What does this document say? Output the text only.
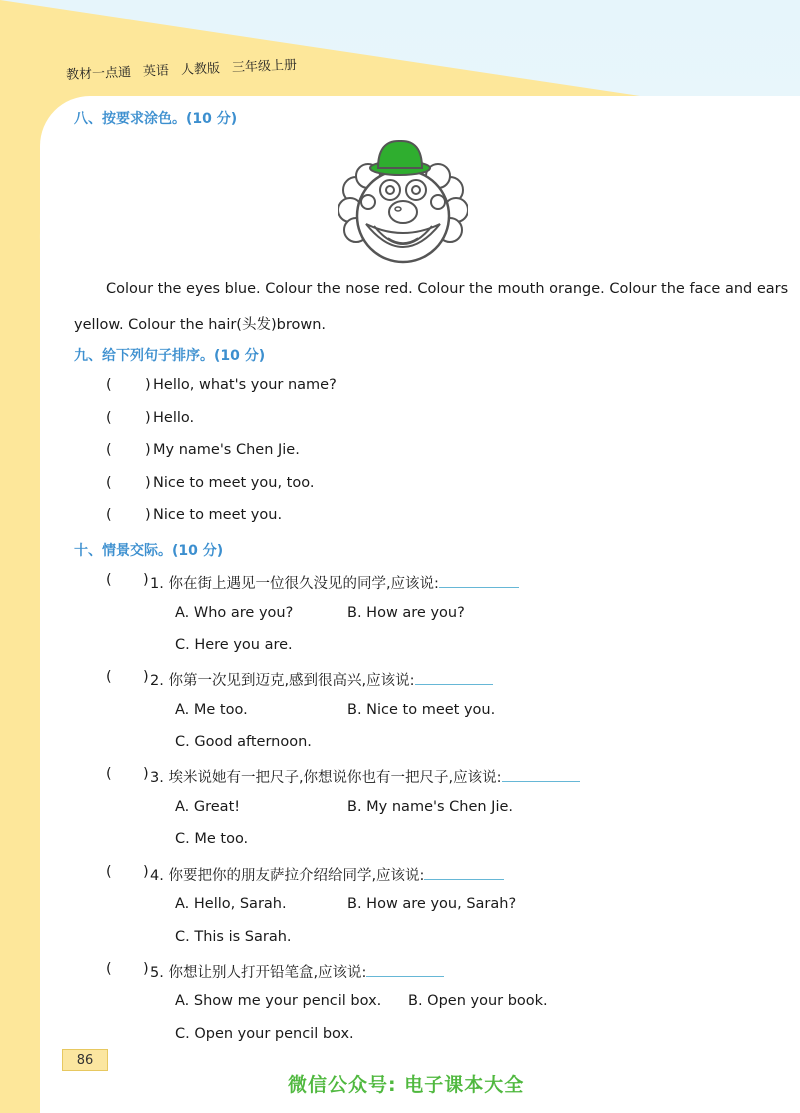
教材一点通 英语 人教版 三年级上册
八、按要求涂色。(10 分)
Colour the eyes blue. Colour the nose red. Colour the mouth orange. Colour the face and ears
yellow. Colour the hair(头发)brown.
九、给下列句子排序。(10 分)
( ) Hello, what's your name?
( ) Hello.
( ) My name's Chen Jie.
( ) Nice to meet you, too.
( ) Nice to meet you.
十、情景交际。(10 分)
( ) 1. 你在街上遇见一位很久没见的同学,应该说:
A. Who are you?	B. How are you?
C. Here you are.
( ) 2. 你第一次见到迈克,感到很高兴,应该说:
A. Me too.	B. Nice to meet you.
C. Good afternoon.
( ) 3. 埃米说她有一把尺子,你想说你也有一把尺子,应该说:
A. Great!	B. My name's Chen Jie.
C. Me too.
( ) 4. 你要把你的朋友萨拉介绍给同学,应该说:
A. Hello, Sarah.	B. How are you, Sarah?
C. This is Sarah.
( ) 5. 你想让别人打开铅笔盒,应该说:
A. Show me your pencil box. B. Open your book.
C. Open your pencil box.
86
微信公众号: 电子课本大全
